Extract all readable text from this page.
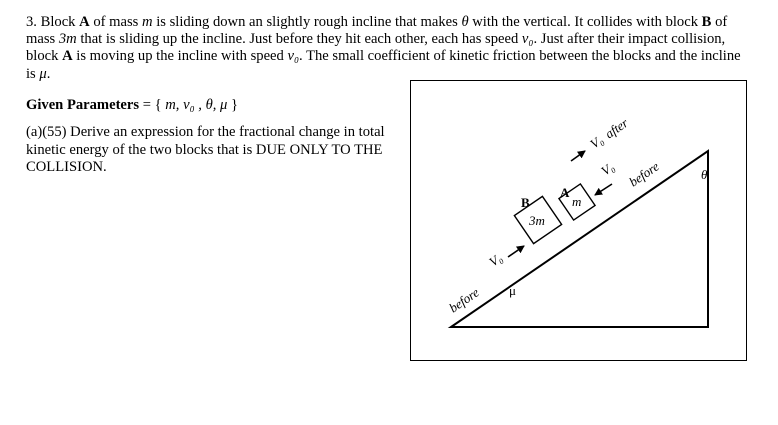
3. Block A of mass m is sliding down an slightly rough incline that makes θ with the vertical. It collides with block B of mass 3m that is sliding up the incline. Just before they hit each other, each has speed v₀. Just after their impact collision, block A is moving up the incline with speed v₀. The small coefficient of kinetic friction between the blocks and the incline is μ.

Given Parameters = { m, v₀ , θ, μ }

(a)(55) Derive an expression for the fractional change in total kinetic energy of the two blocks that is DUE ONLY TO THE COLLISION.	θ
3m
B	m
A
V₀
after
V₀ before
V₀
before μ
